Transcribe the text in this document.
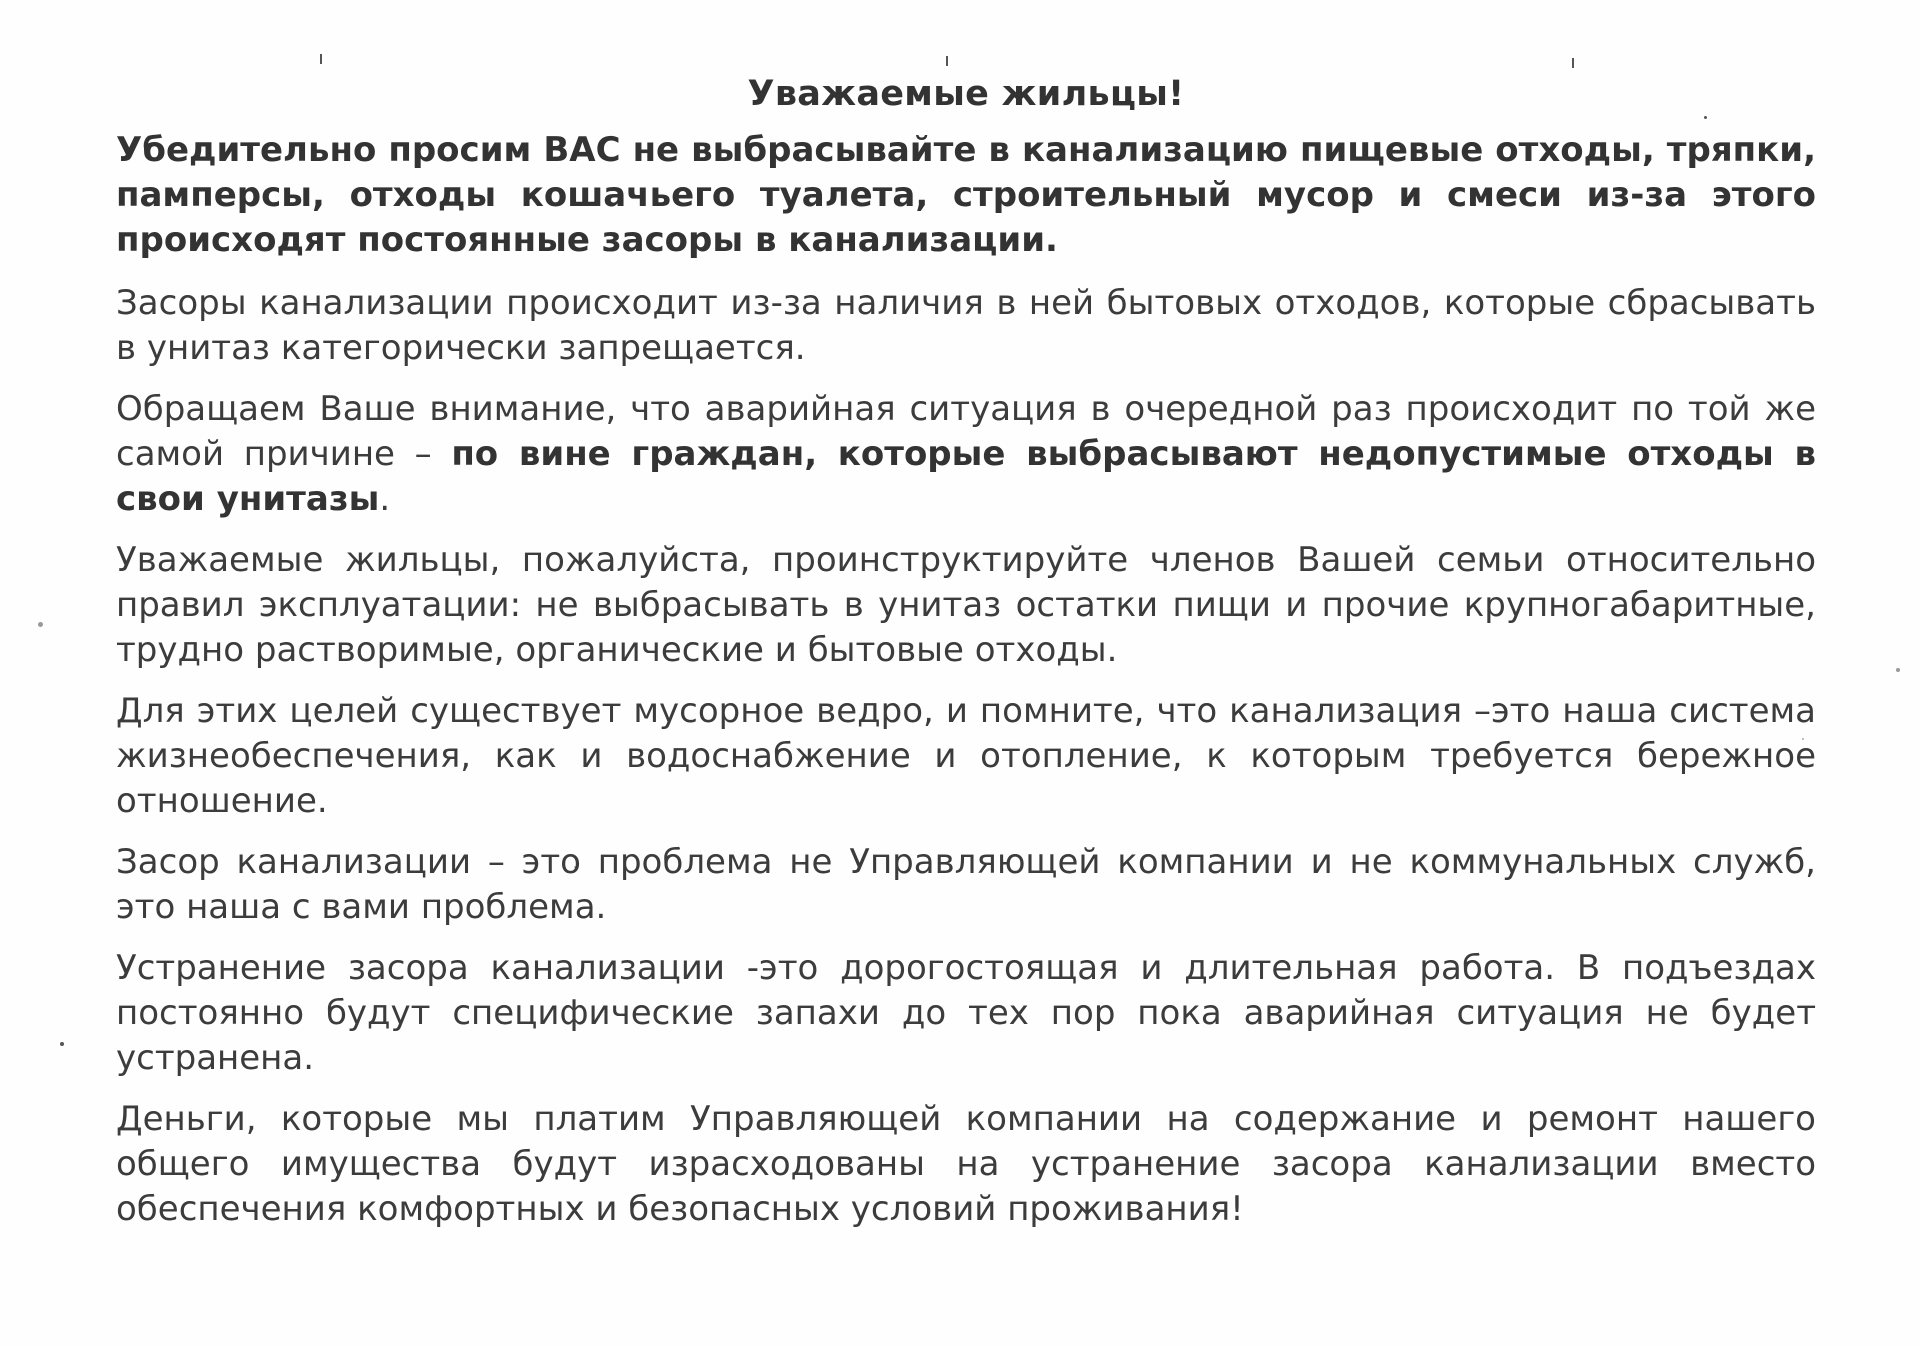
Уважаемые жильцы!

Убедительно просим ВАС не выбрасывайте в канализацию пищевые отходы, тряпки, памперсы, отходы кошачьего туалета, строительный мусор и смеси из-за этого происходят постоянные засоры в канализации.

Засоры канализации происходит из-за наличия в ней бытовых отходов, которые сбрасывать в унитаз категорически запрещается.

Обращаем Ваше внимание, что аварийная ситуация в очередной раз происходит по той же самой причине – по вине граждан, которые выбрасывают недопустимые отходы в свои унитазы.

Уважаемые жильцы, пожалуйста, проинструктируйте членов Вашей семьи относительно правил эксплуатации: не выбрасывать в унитаз остатки пищи и прочие крупногабаритные, трудно растворимые, органические и бытовые отходы.

Для этих целей существует мусорное ведро, и помните, что канализация –это наша система жизнеобеспечения, как и водоснабжение и отопление, к которым требуется бережное отношение.

Засор канализации – это проблема не Управляющей компании и не коммунальных служб, это наша с вами проблема.

Устранение засора канализации -это дорогостоящая и длительная работа. В подъездах постоянно будут специфические запахи до тех пор пока аварийная ситуация не будет устранена.

Деньги, которые мы платим Управляющей компании на содержание и ремонт нашего общего имущества будут израсходованы на устранение засора канализации вместо обеспечения комфортных и безопасных условий проживания!
